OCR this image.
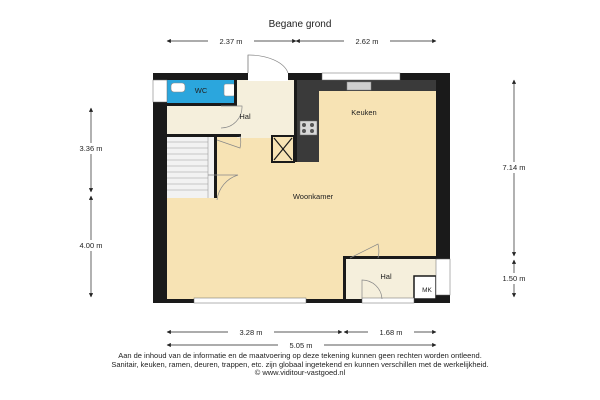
Begane grond
2.37 m	2.62 m
3.36 m
4.00 m
7.14 m
1.50 m
WC
Hal	Keuken
Woonkamer
Hal
MK
3.28 m	1.68 m
5.05 m
Aan de inhoud van de informatie en de maatvoering op deze tekening kunnen geen rechten worden ontleend.
Sanitair, keuken, ramen, deuren, trappen, etc. zijn globaal ingetekend en kunnen verschillen met de werkelijkheid.
© www.viditour-vastgoed.nl
